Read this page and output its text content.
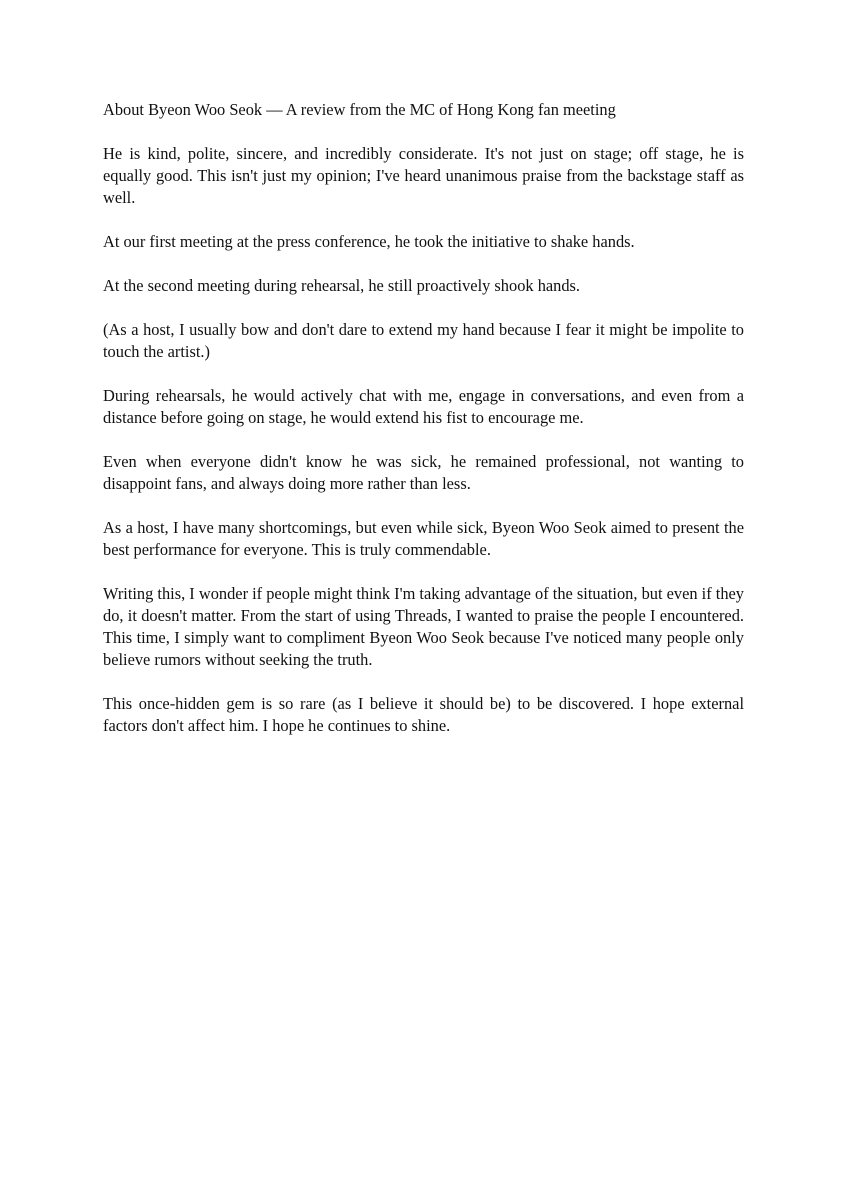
About Byeon Woo Seok — A review from the MC of Hong Kong fan meeting

He is kind, polite, sincere, and incredibly considerate. It's not just on stage; off stage, he is equally good. This isn't just my opinion; I've heard unanimous praise from the backstage staff as well.

At our first meeting at the press conference, he took the initiative to shake hands.

At the second meeting during rehearsal, he still proactively shook hands.

(As a host, I usually bow and don't dare to extend my hand because I fear it might be impolite to touch the artist.)

During rehearsals, he would actively chat with me, engage in conversations, and even from a distance before going on stage, he would extend his fist to encourage me.

Even when everyone didn't know he was sick, he remained professional, not wanting to disappoint fans, and always doing more rather than less.

As a host, I have many shortcomings, but even while sick, Byeon Woo Seok aimed to present the best performance for everyone. This is truly commendable.

Writing this, I wonder if people might think I'm taking advantage of the situation, but even if they do, it doesn't matter. From the start of using Threads, I wanted to praise the people I encountered. This time, I simply want to compliment Byeon Woo Seok because I've noticed many people only believe rumors without seeking the truth.

This once-hidden gem is so rare (as I believe it should be) to be discovered. I hope external factors don't affect him. I hope he continues to shine.
